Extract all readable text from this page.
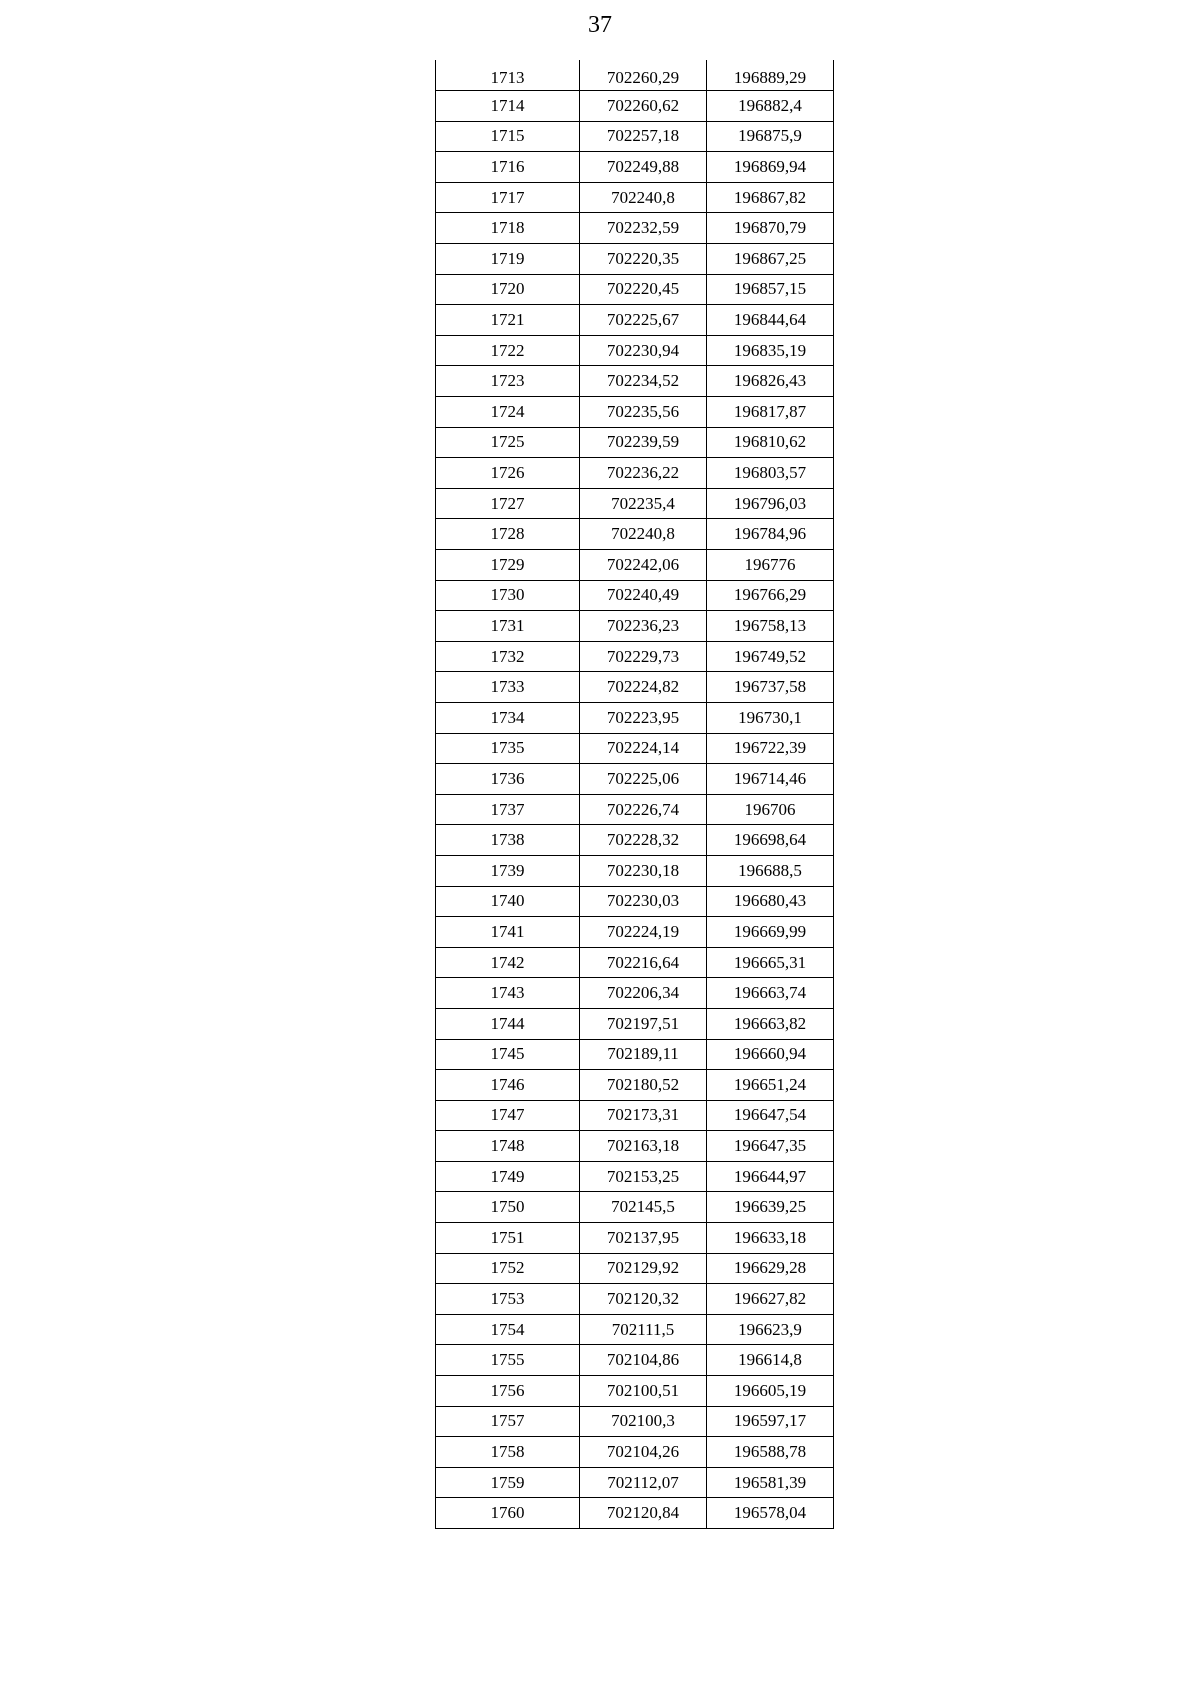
37
1713	702260,29	196889,29
1714	702260,62	196882,4
1715	702257,18	196875,9
1716	702249,88	196869,94
1717	702240,8	196867,82
1718	702232,59	196870,79
1719	702220,35	196867,25
1720	702220,45	196857,15
1721	702225,67	196844,64
1722	702230,94	196835,19
1723	702234,52	196826,43
1724	702235,56	196817,87
1725	702239,59	196810,62
1726	702236,22	196803,57
1727	702235,4	196796,03
1728	702240,8	196784,96
1729	702242,06	196776
1730	702240,49	196766,29
1731	702236,23	196758,13
1732	702229,73	196749,52
1733	702224,82	196737,58
1734	702223,95	196730,1
1735	702224,14	196722,39
1736	702225,06	196714,46
1737	702226,74	196706
1738	702228,32	196698,64
1739	702230,18	196688,5
1740	702230,03	196680,43
1741	702224,19	196669,99
1742	702216,64	196665,31
1743	702206,34	196663,74
1744	702197,51	196663,82
1745	702189,11	196660,94
1746	702180,52	196651,24
1747	702173,31	196647,54
1748	702163,18	196647,35
1749	702153,25	196644,97
1750	702145,5	196639,25
1751	702137,95	196633,18
1752	702129,92	196629,28
1753	702120,32	196627,82
1754	702111,5	196623,9
1755	702104,86	196614,8
1756	702100,51	196605,19
1757	702100,3	196597,17
1758	702104,26	196588,78
1759	702112,07	196581,39
1760	702120,84	196578,04
